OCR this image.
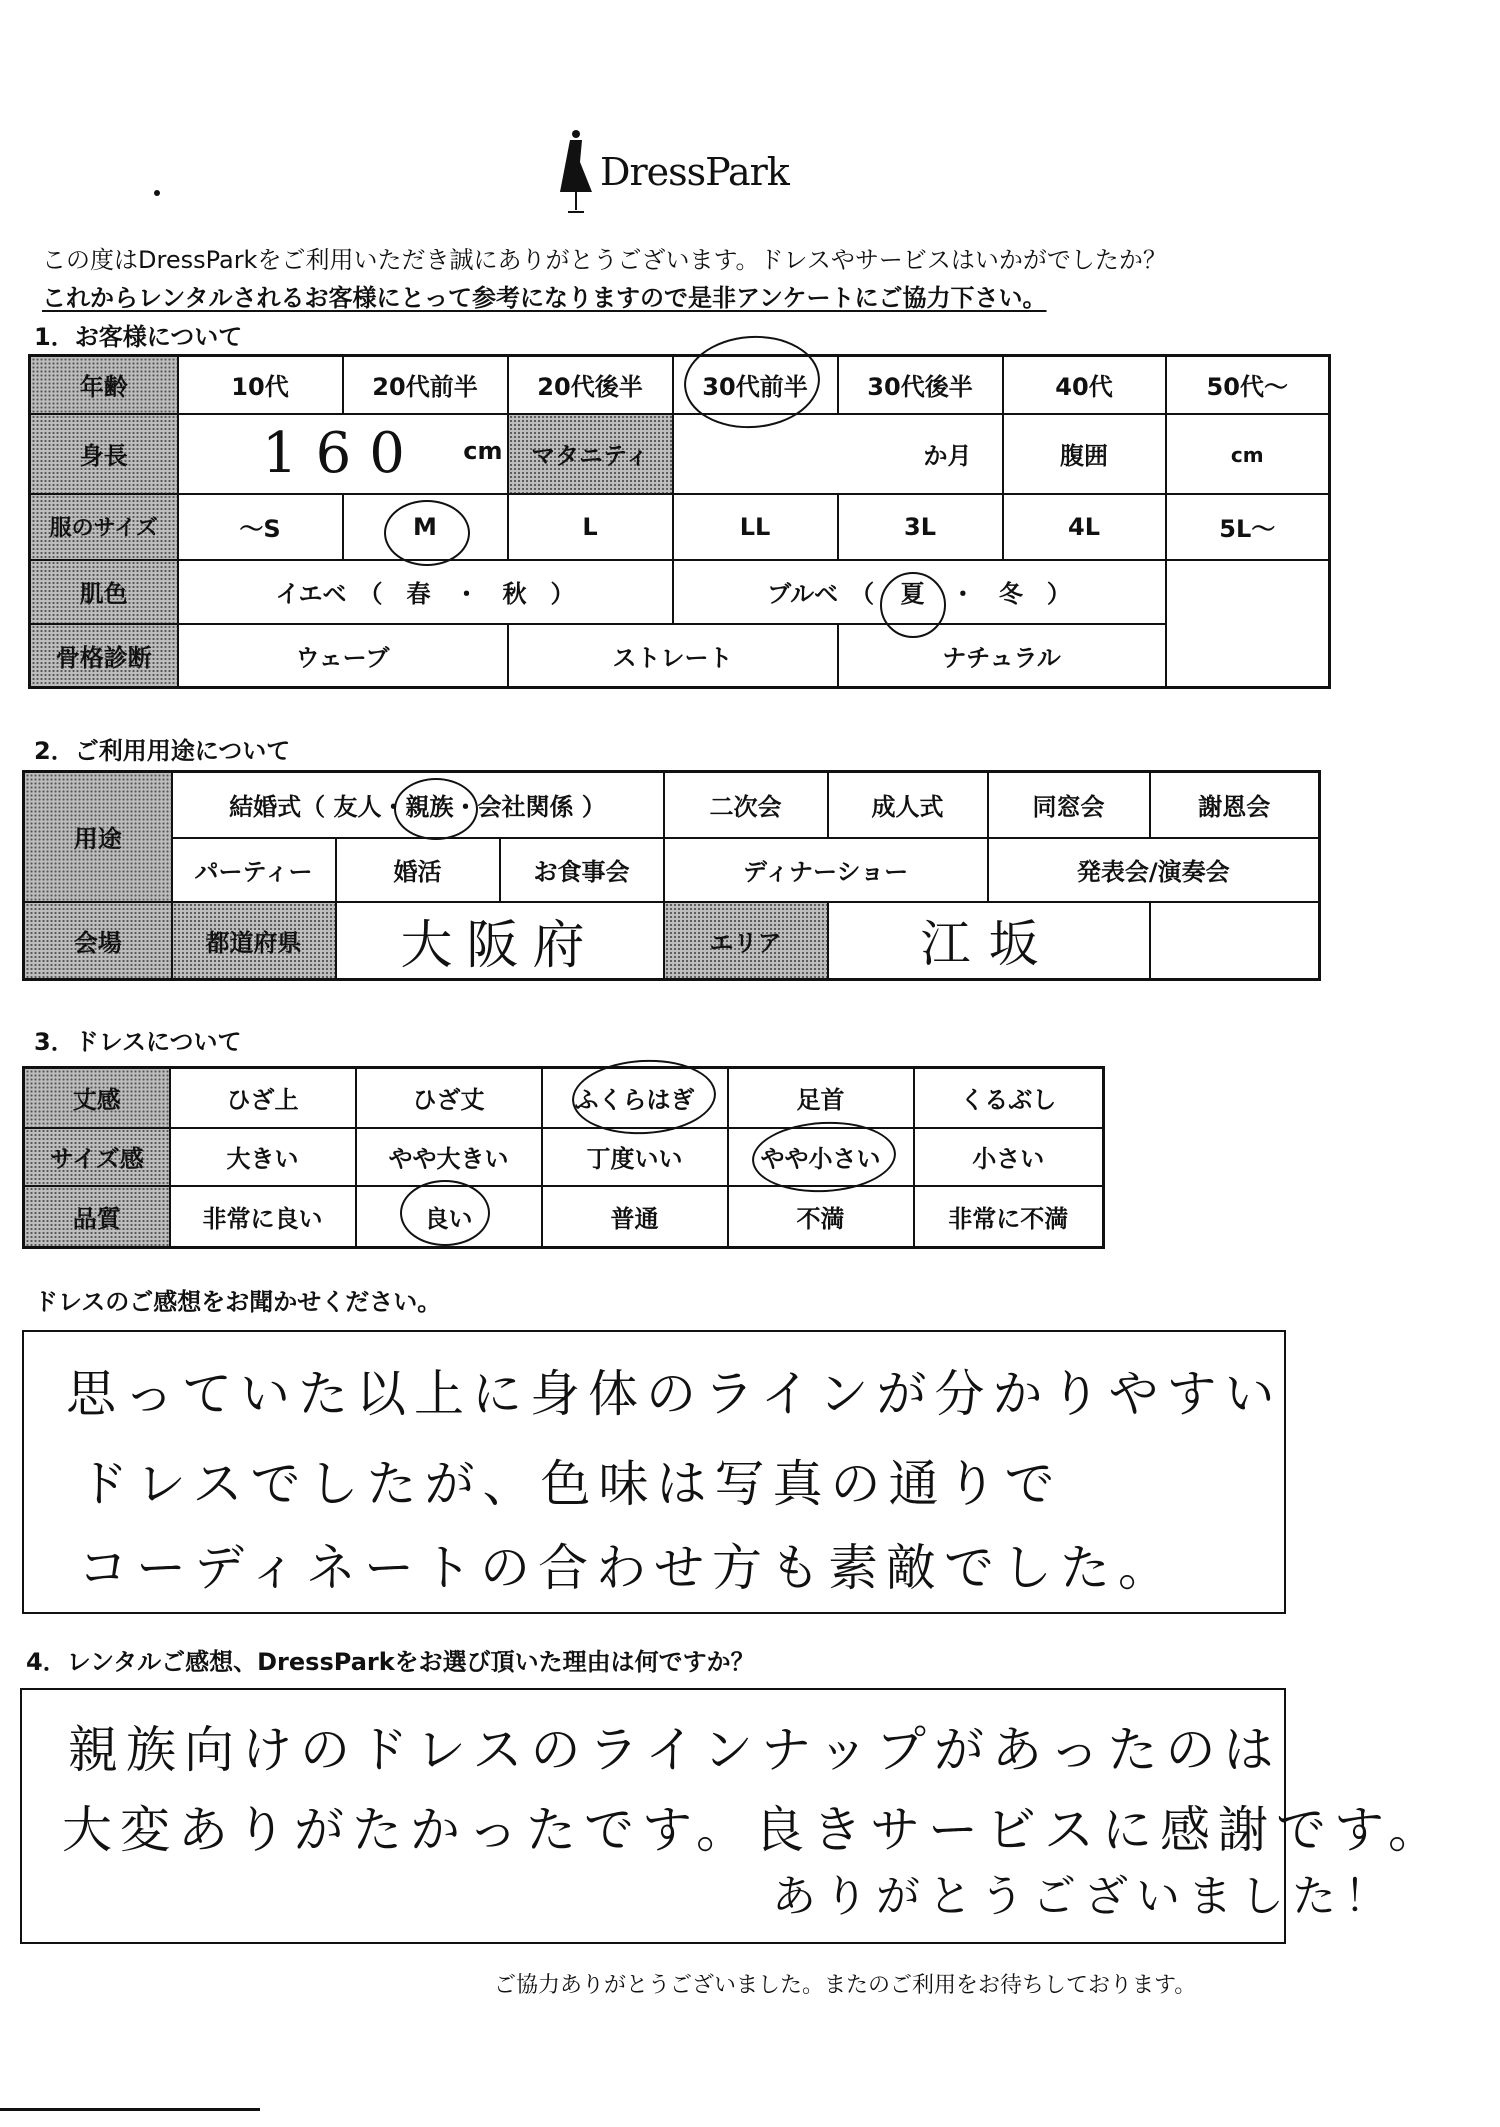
DressPark
この度はDressParkをご利用いただき誠にありがとうございます。ドレスやサービスはいかがでしたか？
これからレンタルされるお客様にとって参考になりますので是非アンケートにご協力下さい。
1．お客様について
年齢	10代	20代前半	20代後半	30代前半	30代後半	40代	50代～
身長	160 cm		マタニティ	か月		腹囲	cm
服のサイズ	～S	M	L	LL	3L	4L	5L～
肌色	イエベ　（　春　・　秋　）			ブルベ　（ 夏 ・　冬　）			
骨格診断	ウェーブ		ストレート		ナチュラル		
2．ご利用用途について
用途	結婚式（ 友人・親族・会社関係 ）			二次会	成人式	同窓会	謝恩会
	パーティー	婚活	お食事会	ディナーショー		発表会/演奏会	
会場	都道府県	大阪府		エリア	江坂		
3．ドレスについて
丈感	ひざ上	ひざ丈	ふくらはぎ	足首	くるぶし
サイズ感	大きい	やや大きい	丁度いい	やや小さい	小さい
品質	非常に良い	良い	普通	不満	非常に不満
ドレスのご感想をお聞かせください。
思っていた以上に身体のラインが分かりやすい
ドレスでしたが、色味は写真の通りで
コーディネートの合わせ方も素敵でした。
4．レンタルご感想、DressParkをお選び頂いた理由は何ですか？
親族向けのドレスのラインナップがあったのは
大変ありがたかったです。良きサービスに感謝です。
ありがとうございました！
ご協力ありがとうございました。またのご利用をお待ちしております。
